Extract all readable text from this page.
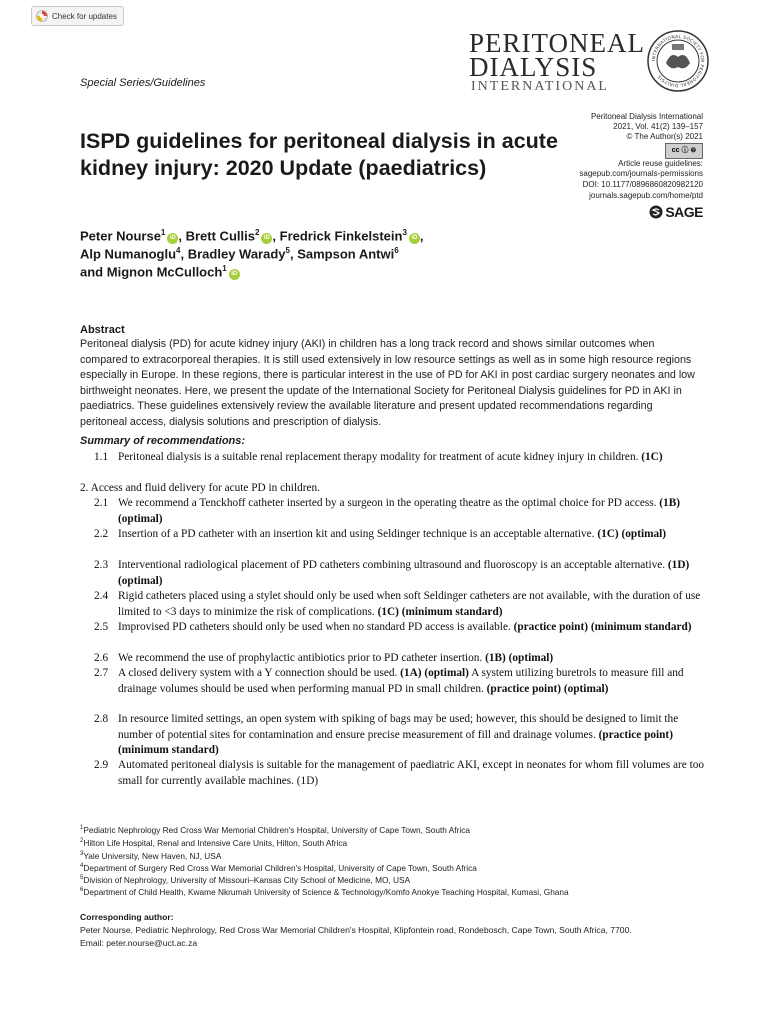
Check for updates
PERITONEAL
DIALYSIS
INTERNATIONAL
INTERNATIONAL SOCIETY FOR PERITONEAL DIALYSIS
Special Series/Guidelines
Peritoneal Dialysis International
2021, Vol. 41(2) 139–157
© The Author(s) 2021
cc ⓘ ⊜
Article reuse guidelines:
sagepub.com/journals-permissions
DOI: 10.1177/0896860820982120
journals.sagepub.com/home/ptd
SAGE
ISPD guidelines for peritoneal dialysis in acute kidney injury: 2020 Update (paediatrics)
Peter Nourse$^1$iD , Brett Cullis$^2$iD , Fredrick Finkelstein$^3$iD ,
Alp Numanoglu$^4$, Bradley Warady$^5$, Sampson Antwi$^6$
and Mignon McCulloch$^1$iD
Abstract

Peritoneal dialysis (PD) for acute kidney injury (AKI) in children has a long track record and shows similar outcomes when compared to extracorporeal therapies. It is still used extensively in low resource settings as well as in some high resource regions especially in Europe. In these regions, there is particular interest in the use of PD for AKI in post cardiac surgery neonates and low birthweight neonates. Here, we present the update of the International Society for Peritoneal Dialysis guidelines for PD in AKI in paediatrics. These guidelines extensively review the available literature and present updated recommendations regarding peritoneal access, dialysis solutions and prescription of dialysis.

Summary of recommendations:
1.1 Peritoneal dialysis is a suitable renal replacement therapy modality for treatment of acute kidney injury in children. (1C)
2. Access and fluid delivery for acute PD in children.
2.1 We recommend a Tenckhoff catheter inserted by a surgeon in the operating theatre as the optimal choice for PD access. (1B) (optimal)
2.2 Insertion of a PD catheter with an insertion kit and using Seldinger technique is an acceptable alternative. (1C) (optimal)
2.3 Interventional radiological placement of PD catheters combining ultrasound and fluoroscopy is an acceptable alternative. (1D) (optimal)
2.4 Rigid catheters placed using a stylet should only be used when soft Seldinger catheters are not available, with the duration of use limited to <3 days to minimize the risk of complications. (1C) (minimum standard)
2.5 Improvised PD catheters should only be used when no standard PD access is available. (practice point) (minimum standard)
2.6 We recommend the use of prophylactic antibiotics prior to PD catheter insertion. (1B) (optimal)
2.7 A closed delivery system with a Y connection should be used. (1A) (optimal) A system utilizing buretrols to measure fill and drainage volumes should be used when performing manual PD in small children. (practice point) (optimal)
2.8 In resource limited settings, an open system with spiking of bags may be used; however, this should be designed to limit the number of potential sites for contamination and ensure precise measurement of fill and drainage volumes. (practice point) (minimum standard)
2.9 Automated peritoneal dialysis is suitable for the management of paediatric AKI, except in neonates for whom fill volumes are too small for currently available machines. (1D)
$^1$Pediatric Nephrology Red Cross War Memorial Children's Hospital, University of Cape Town, South Africa
$^2$Hilton Life Hospital, Renal and Intensive Care Units, Hilton, South Africa
$^3$Yale University, New Haven, NJ, USA
$^4$Department of Surgery Red Cross War Memorial Children's Hospital, University of Cape Town, South Africa
$^5$Division of Nephrology, University of Missouri–Kansas City School of Medicine, MO, USA
$^6$Department of Child Health, Kwame Nkrumah University of Science & Technology/Komfo Anokye Teaching Hospital, Kumasi, Ghana
Corresponding author:
Peter Nourse, Pediatric Nephrology, Red Cross War Memorial Children's Hospital, Klipfontein road, Rondebosch, Cape Town, South Africa, 7700.
Email: peter.nourse@uct.ac.za
